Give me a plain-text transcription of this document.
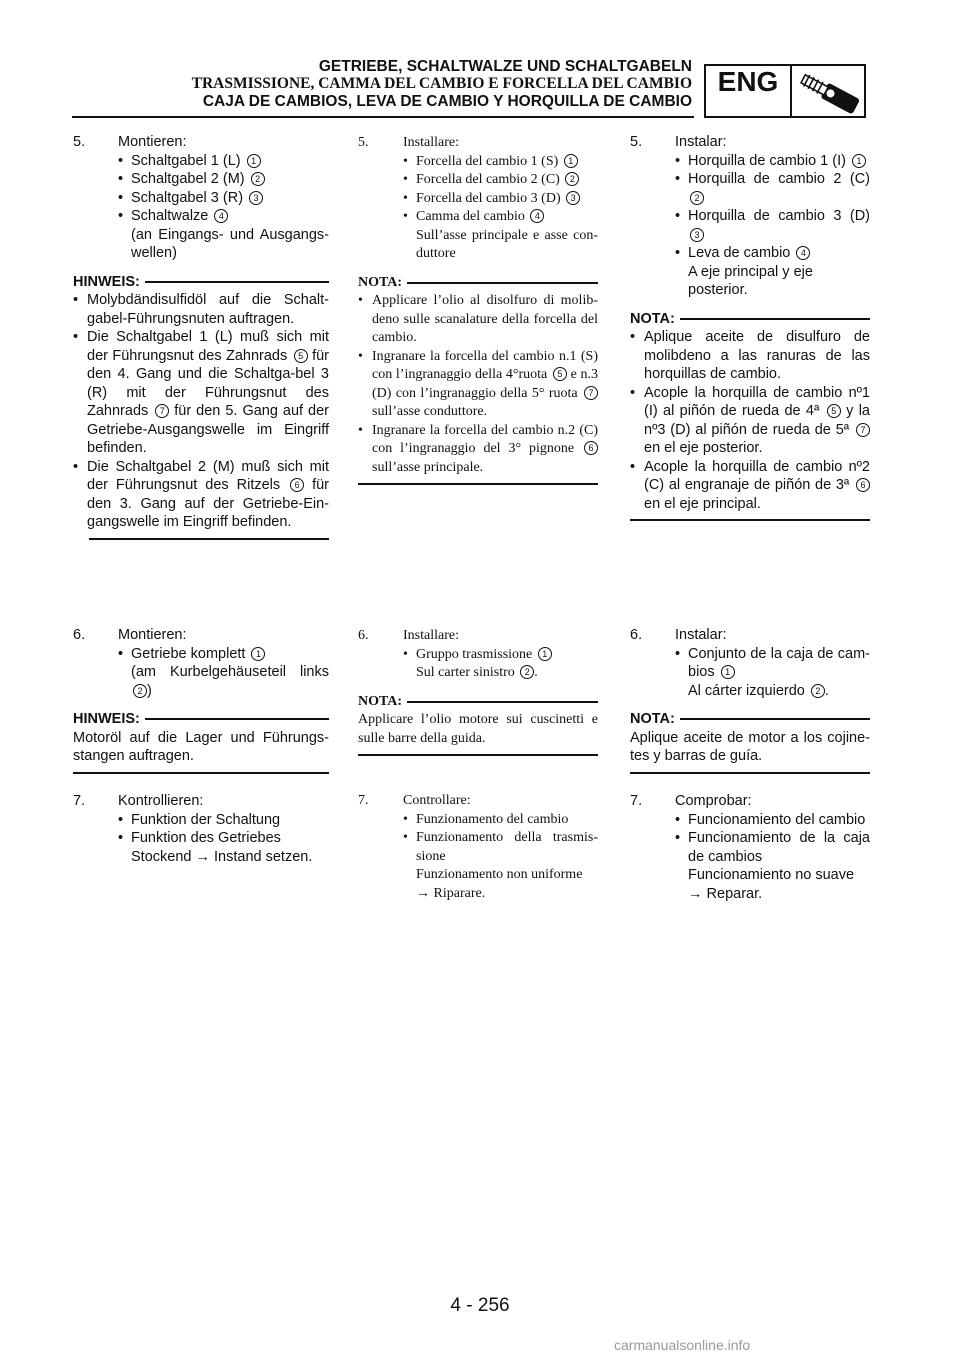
GETRIEBE, SCHALTWALZE UND SCHALTGABELN
TRASMISSIONE, CAMMA DEL CAMBIO E FORCELLA DEL CAMBIO
CAJA DE CAMBIOS, LEVA DE CAMBIO Y HORQUILLA DE CAMBIO
ENG
5. Montieren:
• Schaltgabel 1 (L) 1
• Schaltgabel 2 (M) 2
• Schaltgabel 3 (R) 3
• Schaltwalze 4
(an Eingangs- und Ausgangs-wellen)
HINWEIS:
• Molybdändisulfidöl auf die Schalt-gabel-Führungsnuten auftragen.
• Die Schaltgabel 1 (L) muß sich mit der Führungsnut des Zahnrads 5 für den 4. Gang und die Schaltga-bel 3 (R) mit der Führungsnut des Zahnrads 7 für den 5. Gang auf der Getriebe-Ausgangswelle im Eingriff befinden.
• Die Schaltgabel 2 (M) muß sich mit der Führungsnut des Ritzels 6 für den 3. Gang auf der Getriebe-Ein-gangswelle im Eingriff befinden.
6. Montieren:
• Getriebe komplett 1
(am Kurbelgehäuseteil links 2 )
HINWEIS:
Motoröl auf die Lager und Führungs-stangen auftragen.
7. Kontrollieren:
• Funktion der Schaltung
• Funktion des Getriebes
Stockend → Instand setzen.
5. Installare:
• Forcella del cambio 1 (S) 1
• Forcella del cambio 2 (C) 2
• Forcella del cambio 3 (D) 3
• Camma del cambio 4
Sull’asse principale e asse con-duttore
NOTA:
• Applicare l’olio al disolfuro di molib-deno sulle scanalature della forcella del cambio.
• Ingranare la forcella del cambio n.1 (S) con l’ingranaggio della 4°ruota 5 e n.3 (D) con l’ingranaggio della 5° ruota 7 sull’asse conduttore.
• Ingranare la forcella del cambio n.2 (C) con l’ingranaggio del 3° pignone 6 sull’asse principale.
6. Installare:
• Gruppo trasmissione 1
Sul carter sinistro 2 .
NOTA:
Applicare l’olio motore sui cuscinetti e sulle barre della guida.
7. Controllare:
• Funzionamento del cambio
• Funzionamento della trasmis-sione
Funzionamento non uniforme → Riparare.
5. Instalar:
• Horquilla de cambio 1 (I) 1
• Horquilla de cambio 2 (C) 2
• Horquilla de cambio 3 (D) 3
• Leva de cambio 4
A eje principal y eje posterior.
NOTA:
• Aplique aceite de disulfuro de molibdeno a las ranuras de las horquillas de cambio.
• Acople la horquilla de cambio nº1 (I) al piñón de rueda de 4ª 5 y la nº3 (D) al piñón de rueda de 5ª 7 en el eje posterior.
• Acople la horquilla de cambio nº2 (C) al engranaje de piñón de 3ª 6 en el eje principal.
6. Instalar:
• Conjunto de la caja de cam-bios 1
Al cárter izquierdo 2 .
NOTA:
Aplique aceite de motor a los cojine-tes y barras de guía.
7. Comprobar:
• Funcionamiento del cambio
• Funcionamiento de la caja de cambios
Funcionamiento no suave → Reparar.
4 - 256
carmanualsonline.info
